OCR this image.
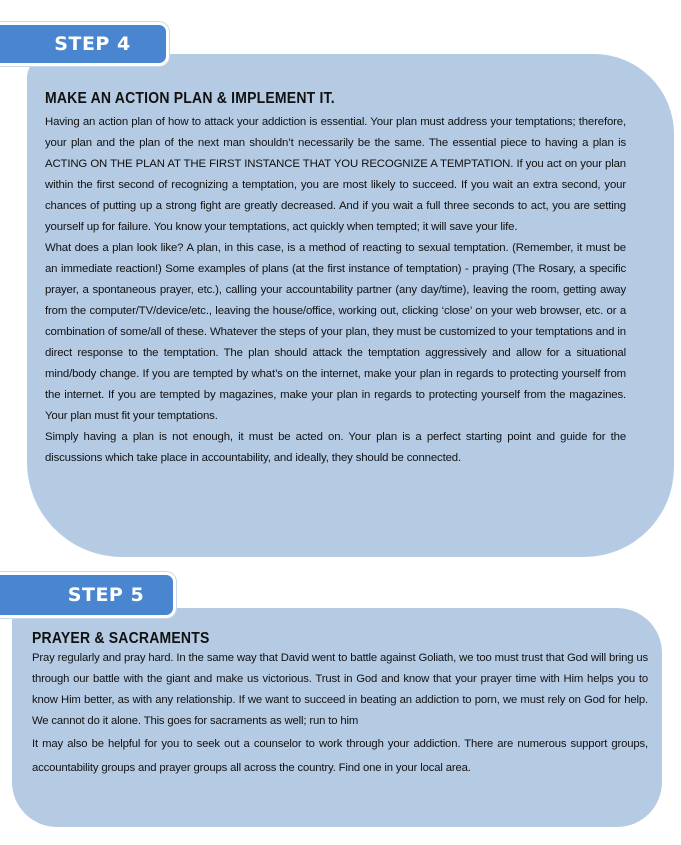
STEP 4
MAKE AN ACTION PLAN & IMPLEMENT IT.

Having an action plan of how to attack your addiction is essential. Your plan must address your temptations; therefore, your plan and the plan of the next man shouldn’t necessarily be the same. The essential piece to having a plan is ACTING ON THE PLAN AT THE FIRST INSTANCE THAT YOU RECOGNIZE A TEMPTATION. If you act on your plan within the first second of recognizing a temptation, you are most likely to succeed. If you wait an extra second, your chances of putting up a strong fight are greatly decreased. And if you wait a full three seconds to act, you are setting yourself up for failure. You know your temptations, act quickly when tempted; it will save your life.

What does a plan look like? A plan, in this case, is a method of reacting to sexual temptation. (Remember, it must be an immediate reaction!) Some examples of plans (at the first instance of temptation) - praying (The Rosary, a specific prayer, a spontaneous prayer, etc.), calling your accountability partner (any day/time), leaving the room, getting away from the computer/TV/device/etc., leaving the house/office, working out, clicking ‘close’ on your web browser, etc. or a combination of some/all of these. Whatever the steps of your plan, they must be customized to your temptations and in direct response to the temptation. The plan should attack the temptation aggressively and allow for a situational mind/body change. If you are tempted by what’s on the internet, make your plan in regards to protecting yourself from the internet. If you are tempted by magazines, make your plan in regards to protecting yourself from the magazines. Your plan must fit your temptations.

Simply having a plan is not enough, it must be acted on. Your plan is a perfect starting point and guide for the discussions which take place in accountability, and ideally, they should be connected.

STEP 5
PRAYER & SACRAMENTS

Pray regularly and pray hard. In the same way that David went to battle against Goliath, we too must trust that God will bring us through our battle with the giant and make us victorious. Trust in God and know that your prayer time with Him helps you to know Him better, as with any relationship. If we want to succeed in beating an addiction to porn, we must rely on God for help. We cannot do it alone. This goes for sacraments as well; run to him

It may also be helpful for you to seek out a counselor to work through your addiction. There are numerous support groups, accountability groups and prayer groups all across the country. Find one in your local area.
